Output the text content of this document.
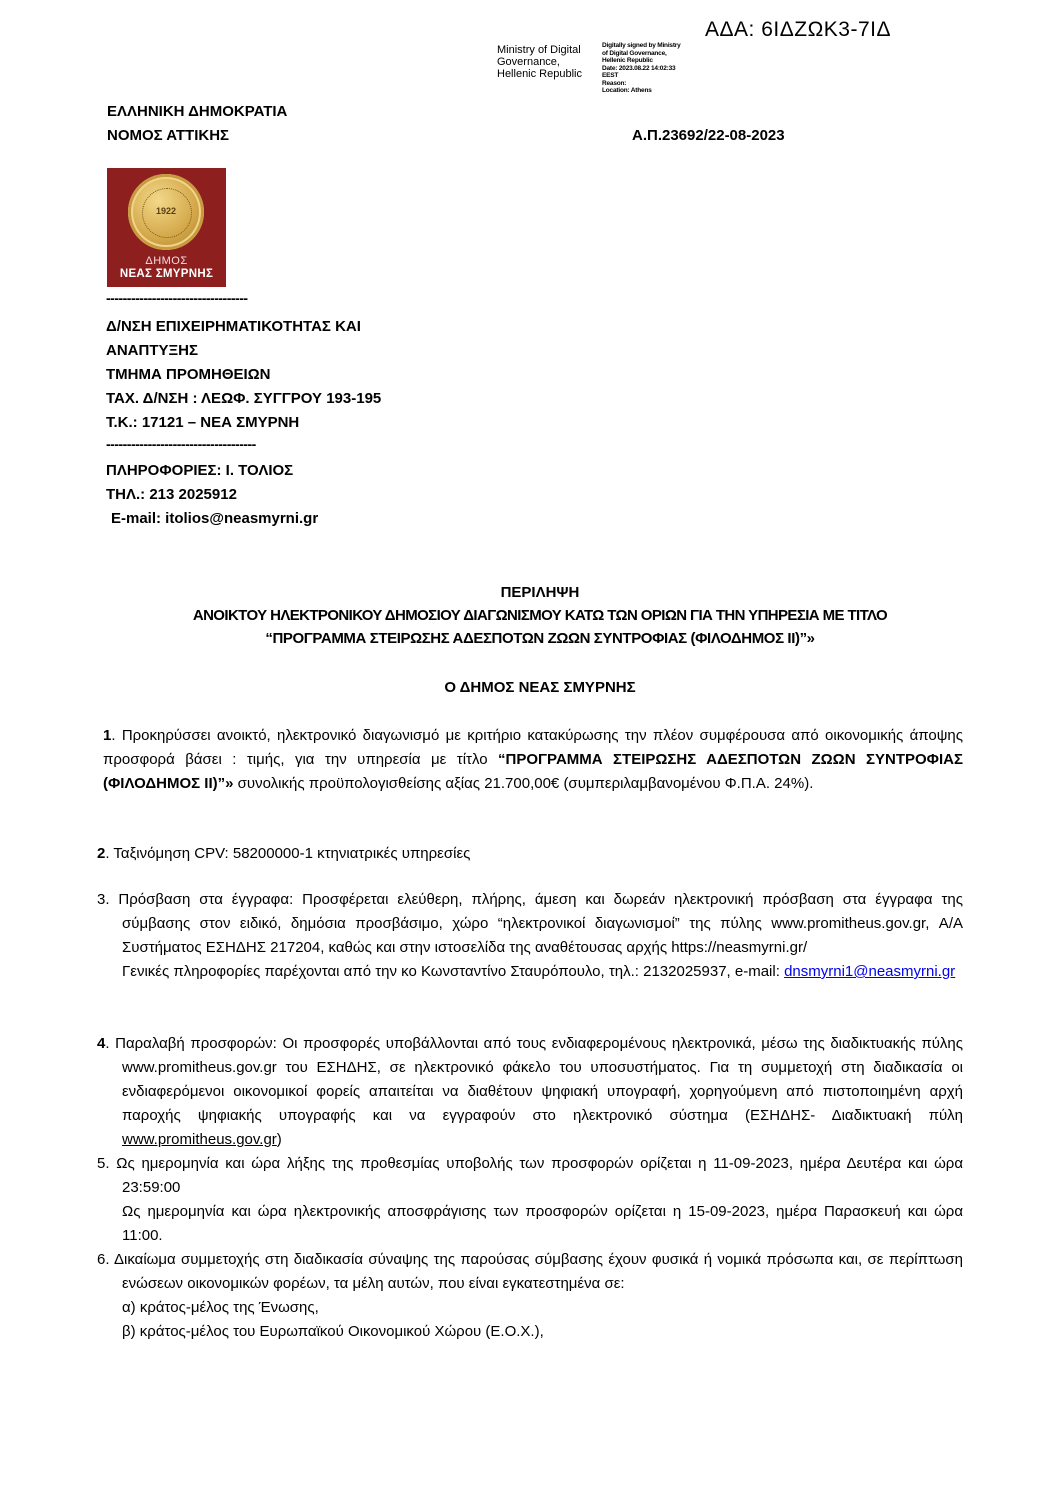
ΑΔΑ: 6ΙΔΖΩΚ3-7ΙΔ
Ministry of Digital
Governance,
Hellenic Republic
Digitally signed by Ministry
of Digital Governance,
Hellenic Republic
Date: 2023.08.22 14:02:33
EEST
Reason:
Location: Athens
ΕΛΛΗΝΙΚΗ ΔΗΜΟΚΡΑΤΙΑ
ΝΟΜΟΣ ΑΤΤΙΚΗΣ	Α.Π.23692/22-08-2023
1922
ΔΗΜΟΣ
ΝΕΑΣ ΣΜΥΡΝΗΣ
----------------------------------
Δ/ΝΣΗ ΕΠΙΧΕΙΡΗΜΑΤΙΚΟΤΗΤΑΣ ΚΑΙ
ΑΝΑΠΤΥΞΗΣ
ΤΜΗΜΑ ΠΡΟΜΗΘΕΙΩΝ
ΤΑΧ. Δ/ΝΣΗ : ΛΕΩΦ. ΣΥΓΓΡΟΥ 193-195
Τ.Κ.: 17121 – ΝΕΑ ΣΜΥΡΝΗ
------------------------------------
ΠΛΗΡΟΦΟΡΙΕΣ: Ι. ΤΟΛΙΟΣ
ΤΗΛ.: 213 2025912
E-mail: itolios@neasmyrni.gr
ΠΕΡΙΛΗΨΗ
ΑΝΟΙΚΤΟΥ ΗΛΕΚΤΡΟΝΙΚΟΥ ΔΗΜΟΣΙΟΥ ΔΙΑΓΩΝΙΣΜΟΥ ΚΑΤΩ ΤΩΝ ΟΡΙΩΝ ΓΙΑ ΤΗΝ ΥΠΗΡΕΣΙΑ ΜΕ ΤΙΤΛΟ
“ΠΡΟΓΡΑΜΜΑ ΣΤΕΙΡΩΣΗΣ ΑΔΕΣΠΟΤΩΝ ΖΩΩΝ ΣΥΝΤΡΟΦΙΑΣ (ΦΙΛΟΔΗΜΟΣ ΙΙ)”»
Ο ΔΗΜΟΣ ΝΕΑΣ ΣΜΥΡΝΗΣ
1. Προκηρύσσει ανοικτό, ηλεκτρονικό διαγωνισμό με κριτήριο κατακύρωσης την πλέον συμφέρουσα από οικονομικής άποψης προσφορά βάσει : τιμής, για την υπηρεσία με τίτλο “ΠΡΟΓΡΑΜΜΑ ΣΤΕΙΡΩΣΗΣ ΑΔΕΣΠΟΤΩΝ ΖΩΩΝ ΣΥΝΤΡΟΦΙΑΣ (ΦΙΛΟΔΗΜΟΣ ΙΙ)”» συνολικής προϋπολογισθείσης αξίας 21.700,00€ (συμπεριλαμβανομένου Φ.Π.Α. 24%).
2. Ταξινόμηση CPV: 58200000-1 κτηνιατρικές υπηρεσίες
3. Πρόσβαση στα έγγραφα: Προσφέρεται ελεύθερη, πλήρης, άμεση και δωρεάν ηλεκτρονική πρόσβαση στα έγγραφα της σύμβασης στον ειδικό, δημόσια προσβάσιμο, χώρο “ηλεκτρονικοί διαγωνισμοί” της πύλης www.promitheus.gov.gr, Α/Α Συστήματος ΕΣΗΔΗΣ 217204, καθώς και στην ιστοσελίδα της αναθέτουσας αρχής https://neasmyrni.gr/
Γενικές πληροφορίες παρέχονται από την κο Κωνσταντίνο Σταυρόπουλο, τηλ.: 2132025937, e-mail: dnsmyrni1@neasmyrni.gr
4. Παραλαβή προσφορών: Οι προσφορές υποβάλλονται από τους ενδιαφερομένους ηλεκτρονικά, μέσω της διαδικτυακής πύλης www.promitheus.gov.gr του ΕΣΗΔΗΣ, σε ηλεκτρονικό φάκελο του υποσυστήματος. Για τη συμμετοχή στη διαδικασία οι ενδιαφερόμενοι οικονομικοί φορείς απαιτείται να διαθέτουν ψηφιακή υπογραφή, χορηγούμενη από πιστοποιημένη αρχή παροχής ψηφιακής υπογραφής και να εγγραφούν στο ηλεκτρονικό σύστημα (ΕΣΗΔΗΣ- Διαδικτυακή πύλη www.promitheus.gov.gr)
5. Ως ημερομηνία και ώρα λήξης της προθεσμίας υποβολής των προσφορών ορίζεται η 11-09-2023, ημέρα Δευτέρα και ώρα 23:59:00
Ως ημερομηνία και ώρα ηλεκτρονικής αποσφράγισης των προσφορών ορίζεται η 15-09-2023, ημέρα Παρασκευή και ώρα 11:00.
6. Δικαίωμα συμμετοχής στη διαδικασία σύναψης της παρούσας σύμβασης έχουν φυσικά ή νομικά πρόσωπα και, σε περίπτωση ενώσεων οικονομικών φορέων, τα μέλη αυτών, που είναι εγκατεστημένα σε:
α) κράτος-μέλος της Ένωσης,
β) κράτος-μέλος του Ευρωπαϊκού Οικονομικού Χώρου (Ε.Ο.Χ.),
